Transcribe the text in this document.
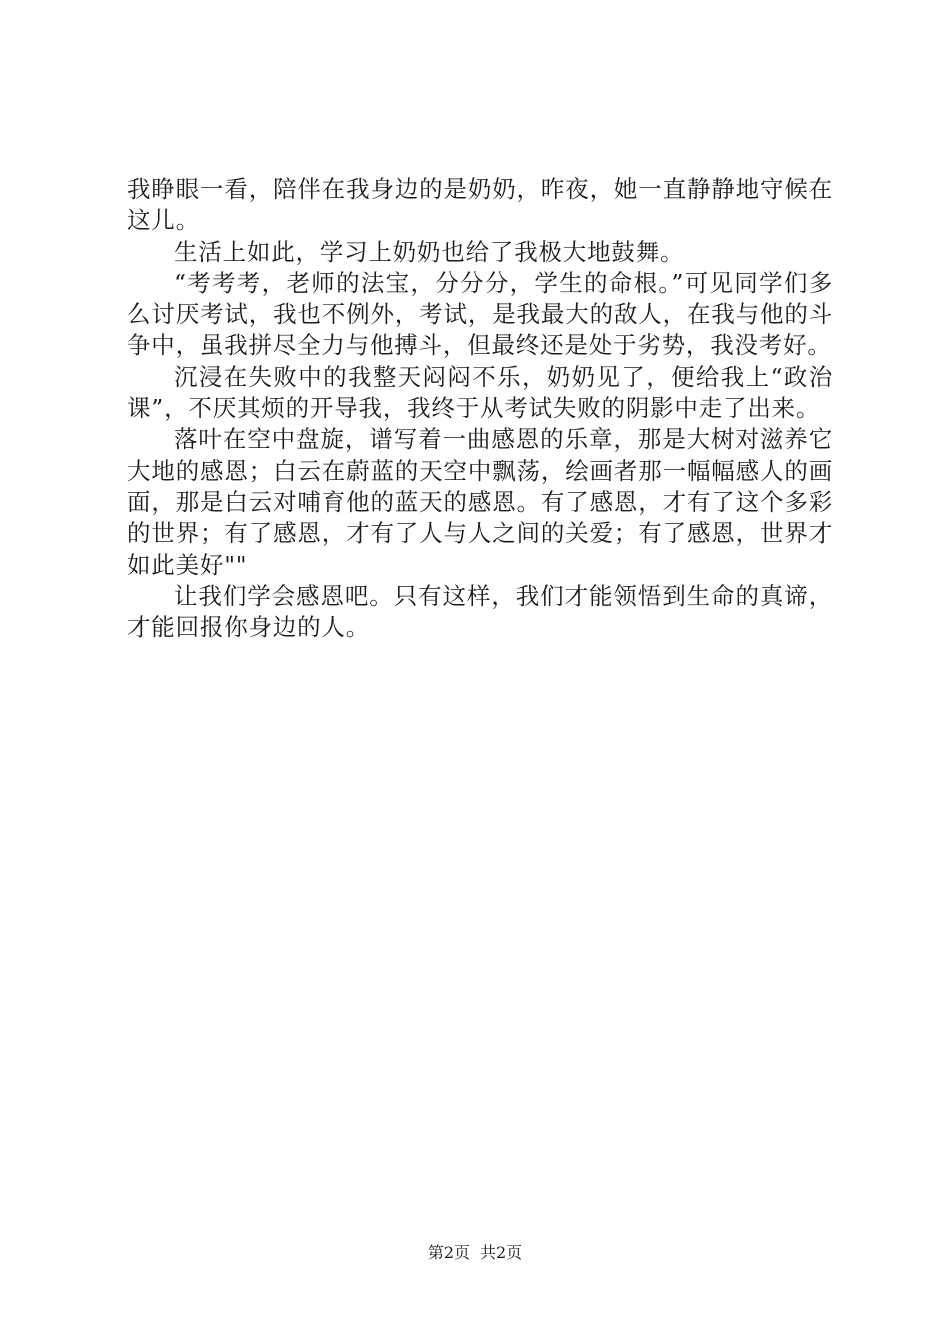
我睁眼一看，陪伴在我身边的是奶奶，昨夜，她一直静静地守候在这儿。

生活上如此，学习上奶奶也给了我极大地鼓舞。

“考考考，老师的法宝，分分分，学生的命根。”可见同学们多么讨厌考试，我也不例外，考试，是我最大的敌人，在我与他的斗争中，虽我拼尽全力与他搏斗，但最终还是处于劣势，我没考好。

沉浸在失败中的我整天闷闷不乐，奶奶见了，便给我上“政治课”，不厌其烦的开导我，我终于从考试失败的阴影中走了出来。

落叶在空中盘旋，谱写着一曲感恩的乐章，那是大树对滋养它大地的感恩；白云在蔚蓝的天空中飘荡，绘画者那一幅幅感人的画面，那是白云对哺育他的蓝天的感恩。有了感恩，才有了这个多彩的世界；有了感恩，才有了人与人之间的关爱；有了感恩，世界才如此美好""

让我们学会感恩吧。只有这样，我们才能领悟到生命的真谛，才能回报你身边的人。

第2页 共2页
